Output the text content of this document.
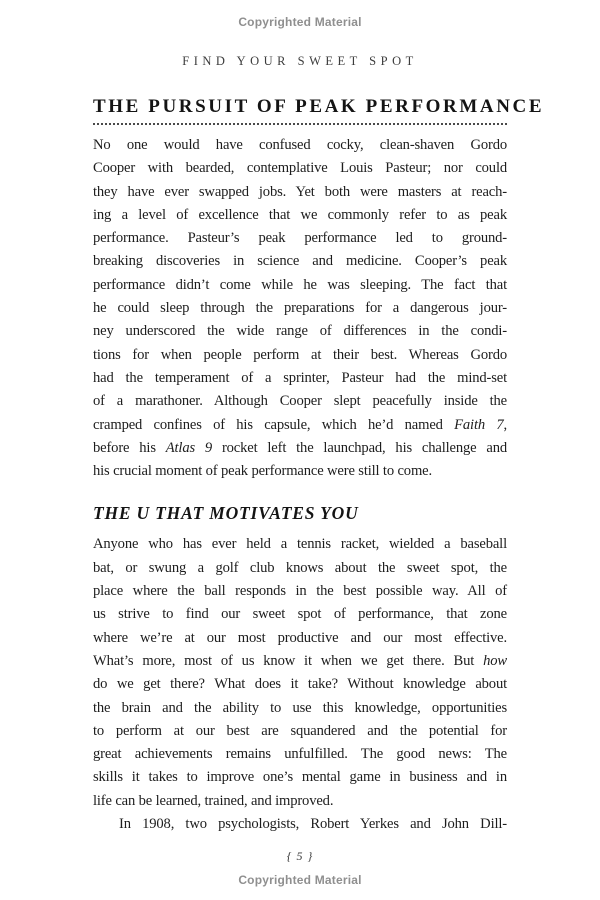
Copyrighted Material
FIND YOUR SWEET SPOT
THE PURSUIT OF PEAK PERFORMANCE
No one would have confused cocky, clean-shaven Gordo
Cooper with bearded, contemplative Louis Pasteur; nor could
they have ever swapped jobs. Yet both were masters at reach-
ing a level of excellence that we commonly refer to as peak
performance. Pasteur’s peak performance led to ground-
breaking discoveries in science and medicine. Cooper’s peak
performance didn’t come while he was sleeping. The fact that
he could sleep through the preparations for a dangerous jour-
ney underscored the wide range of differences in the condi-
tions for when people perform at their best. Whereas Gordo
had the temperament of a sprinter, Pasteur had the mind-set
of a marathoner. Although Cooper slept peacefully inside the
cramped confines of his capsule, which he’d named Faith 7,
before his Atlas 9 rocket left the launchpad, his challenge and
his crucial moment of peak performance were still to come.
THE U THAT MOTIVATES YOU
Anyone who has ever held a tennis racket, wielded a baseball
bat, or swung a golf club knows about the sweet spot, the
place where the ball responds in the best possible way. All of
us strive to find our sweet spot of performance, that zone
where we’re at our most productive and our most effective.
What’s more, most of us know it when we get there. But how
do we get there? What does it take? Without knowledge about
the brain and the ability to use this knowledge, opportunities
to perform at our best are squandered and the potential for
great achievements remains unfulfilled. The good news: The
skills it takes to improve one’s mental game in business and in
life can be learned, trained, and improved.
In 1908, two psychologists, Robert Yerkes and John Dill-
{ 5 }
Copyrighted Material
